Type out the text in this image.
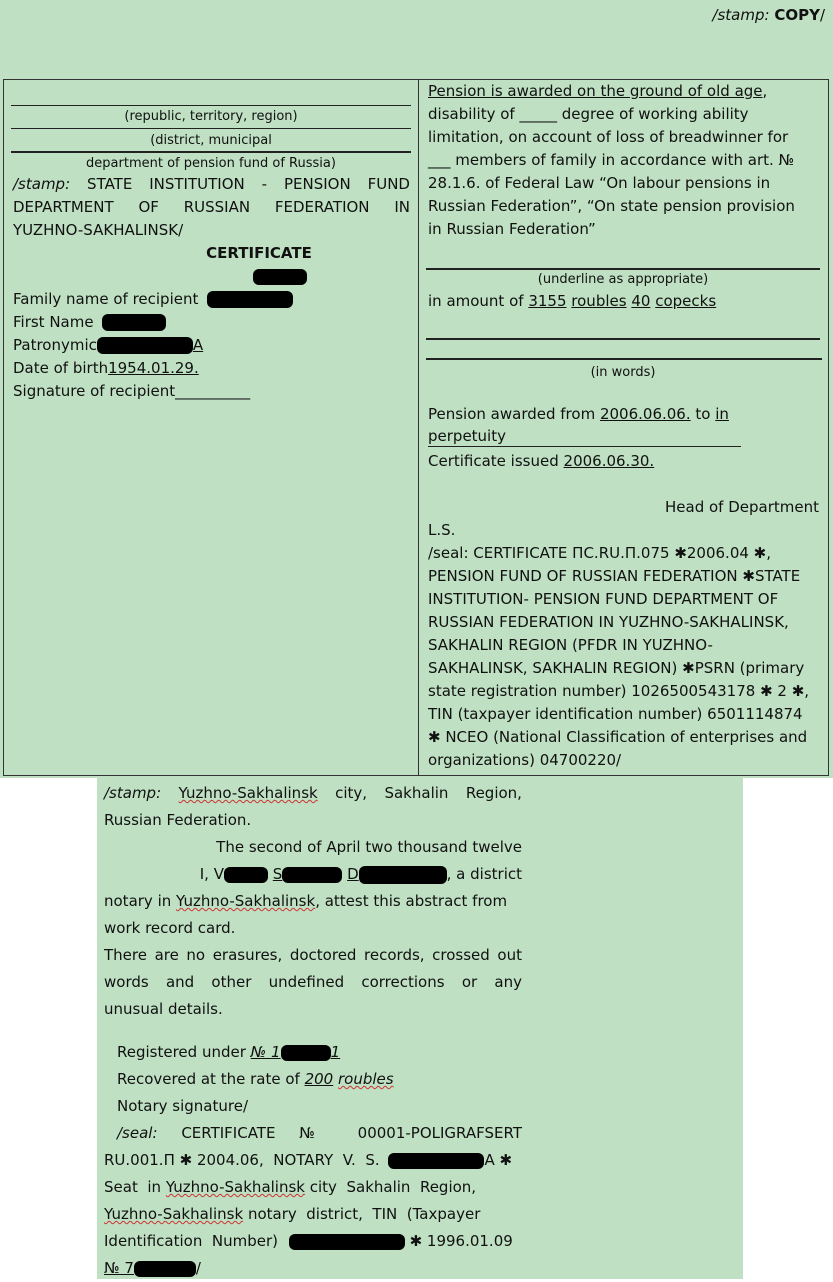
/stamp: COPY/
(republic, territory, region)
(district, municipal
department of pension fund of Russia)
/stamp: STATE INSTITUTION - PENSION FUND
DEPARTMENT OF RUSSIAN FEDERATION IN
YUZHNO-SAKHALINSK/
CERTIFICATE
Family name of recipient
First Name
Patronymic	A
Date of birth1954.01.29.
Signature of recipient__________
Pension is awarded on the ground of old age,
disability of _____ degree of working ability
limitation, on account of loss of breadwinner for
___ members of family in accordance with art. №
28.1.6. of Federal Law “On labour pensions in
Russian Federation”, “On state pension provision
in Russian Federation”
(underline as appropriate)
in amount of 3155 roubles 40 copecks
(in words)
Pension awarded from 2006.06.06. to in
perpetuity
Certificate issued 2006.06.30.
Head of Department
L.S.
/seal: CERTIFICATE ПС.RU.П.075 ✱2006.04 ✱,
PENSION FUND OF RUSSIAN FEDERATION ✱STATE
INSTITUTION- PENSION FUND DEPARTMENT OF
RUSSIAN FEDERATION IN YUZHNO-SAKHALINSK,
SAKHALIN REGION (PFDR IN YUZHNO-
SAKHALINSK, SAKHALIN REGION) ✱PSRN (primary
state registration number) 1026500543178 ✱ 2 ✱,
TIN (taxpayer identification number) 6501114874
✱ NCEO (National Classification of enterprises and
organizations) 04700220/

/stamp: Yuzhno-Sakhalinsk city, Sakhalin Region,

Russian Federation.

The second of April two thousand twelve

I, V	S	D	, a district

notary in Yuzhno-Sakhalinsk, attest this abstract from

work record card.

There are no erasures, doctored records, crossed out

words and other undefined corrections or any

unusual details.

Registered under № 1	1

Recovered at the rate of 200 roubles

Notary signature/

/seal: CERTIFICATE № 00001-POLIGRAFSERT

RU.001.П ✱ 2004.06,  NOTARY  V.  S.	A ✱

Seat  in Yuzhno-Sakhalinsk city  Sakhalin  Region,

Yuzhno-Sakhalinsk notary  district,  TIN  (Taxpayer

Identification  Number)	✱ 1996.01.09

№ 7	/
